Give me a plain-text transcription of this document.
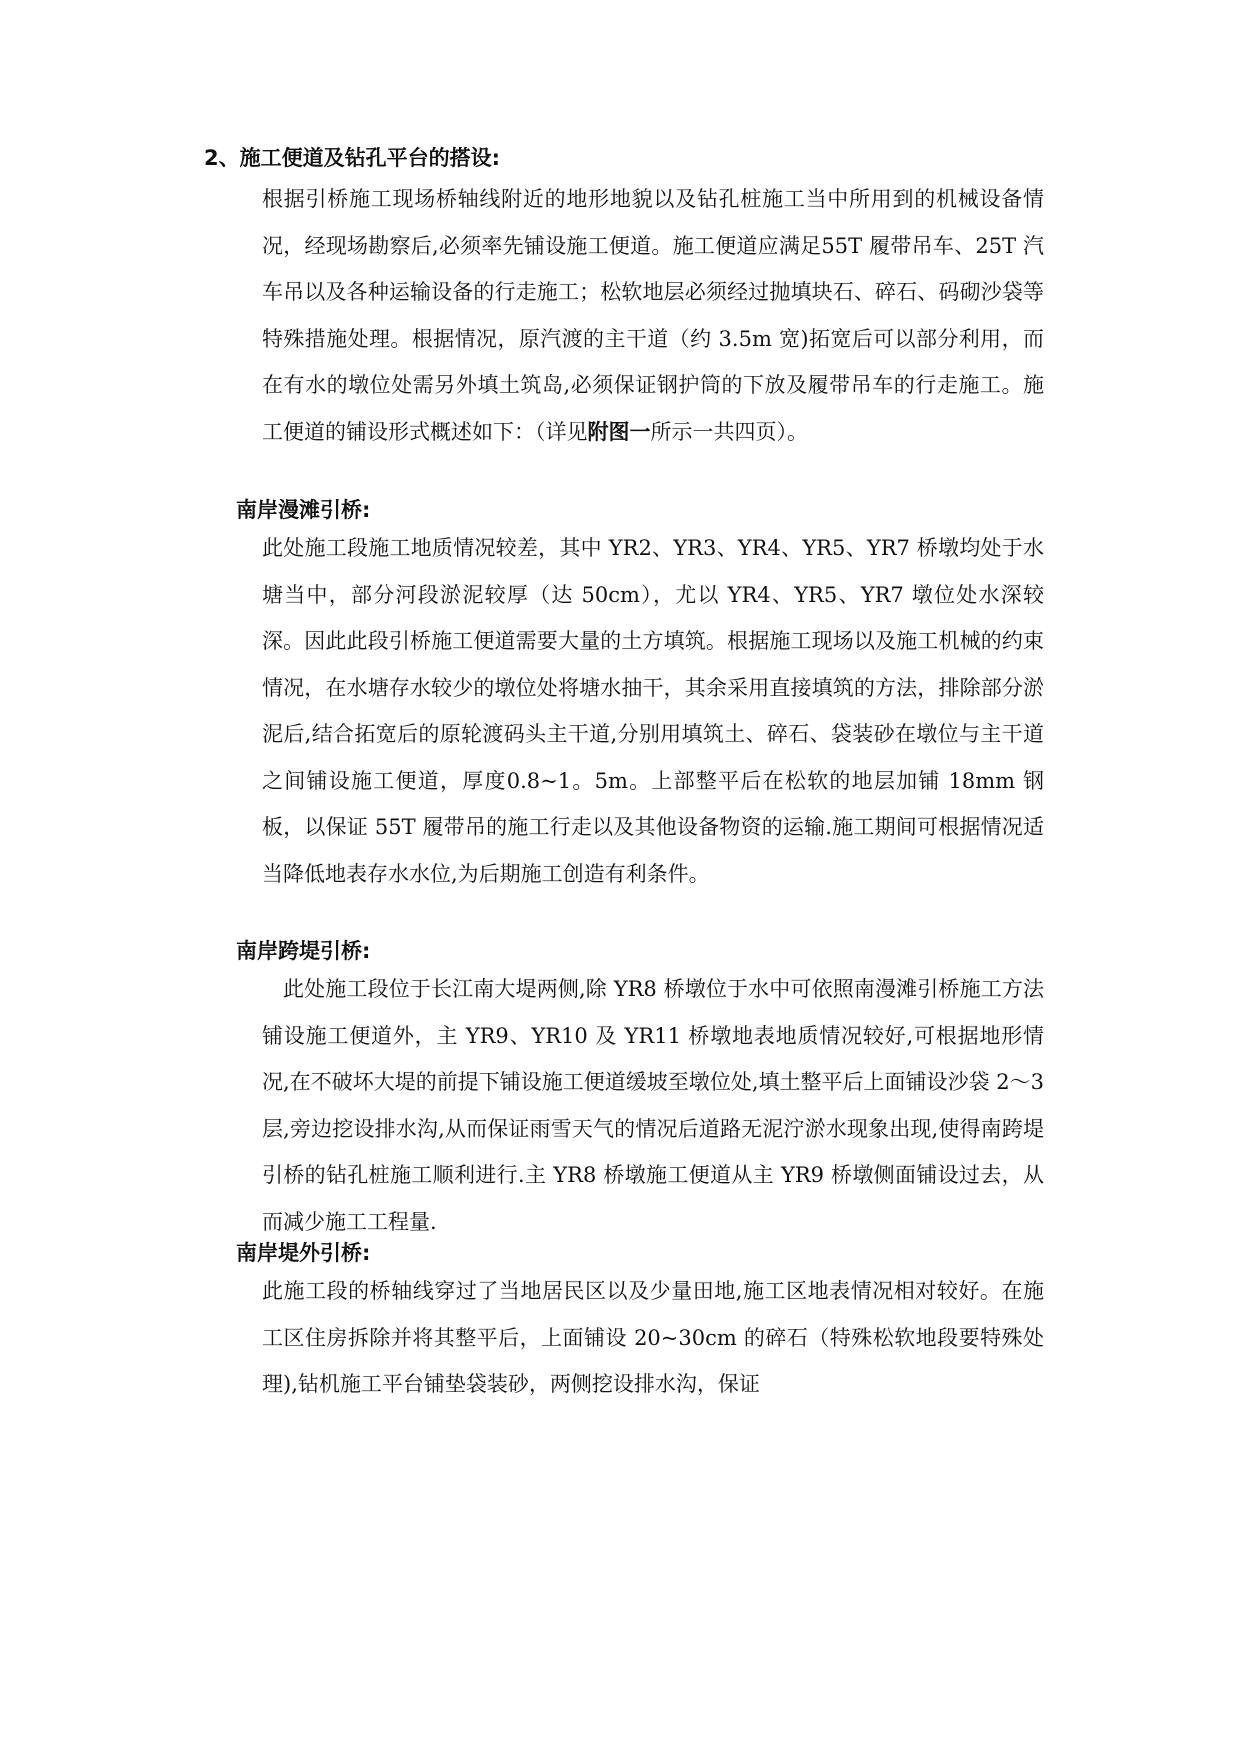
2、施工便道及钻孔平台的搭设:
根据引桥施工现场桥轴线附近的地形地貌以及钻孔桩施工当中所用到的机械设备情况，经现场勘察后,必须率先铺设施工便道。施工便道应满足55T 履带吊车、25T 汽车吊以及各种运输设备的行走施工；松软地层必须经过抛填块石、碎石、码砌沙袋等特殊措施处理。根据情况，原汽渡的主干道（约 3.5m 宽)拓宽后可以部分利用，而在有水的墩位处需另外填土筑岛,必须保证钢护筒的下放及履带吊车的行走施工。施工便道的铺设形式概述如下：（详见附图一所示一共四页）。
南岸漫滩引桥:
此处施工段施工地质情况较差，其中 YR2、YR3、YR4、YR5、YR7 桥墩均处于水塘当中，部分河段淤泥较厚（达 50cm），尤以 YR4、YR5、YR7 墩位处水深较深。因此此段引桥施工便道需要大量的土方填筑。根据施工现场以及施工机械的约束情况，在水塘存水较少的墩位处将塘水抽干，其余采用直接填筑的方法，排除部分淤泥后,结合拓宽后的原轮渡码头主干道,分别用填筑土、碎石、袋装砂在墩位与主干道之间铺设施工便道，厚度0.8~1。5m。上部整平后在松软的地层加铺 18mm 钢板，以保证 55T 履带吊的施工行走以及其他设备物资的运输.施工期间可根据情况适当降低地表存水水位,为后期施工创造有利条件。
南岸跨堤引桥:
此处施工段位于长江南大堤两侧,除 YR8 桥墩位于水中可依照南漫滩引桥施工方法铺设施工便道外，主 YR9、YR10 及 YR11 桥墩地表地质情况较好,可根据地形情况,在不破坏大堤的前提下铺设施工便道缓坡至墩位处,填土整平后上面铺设沙袋 2～3 层,旁边挖设排水沟,从而保证雨雪天气的情况后道路无泥泞淤水现象出现,使得南跨堤引桥的钻孔桩施工顺利进行.主 YR8 桥墩施工便道从主 YR9 桥墩侧面铺设过去，从而减少施工工程量.
南岸堤外引桥:
此施工段的桥轴线穿过了当地居民区以及少量田地,施工区地表情况相对较好。在施工区住房拆除并将其整平后，上面铺设 20~30cm 的碎石（特殊松软地段要特殊处理),钻机施工平台铺垫袋装砂，两侧挖设排水沟，保证
